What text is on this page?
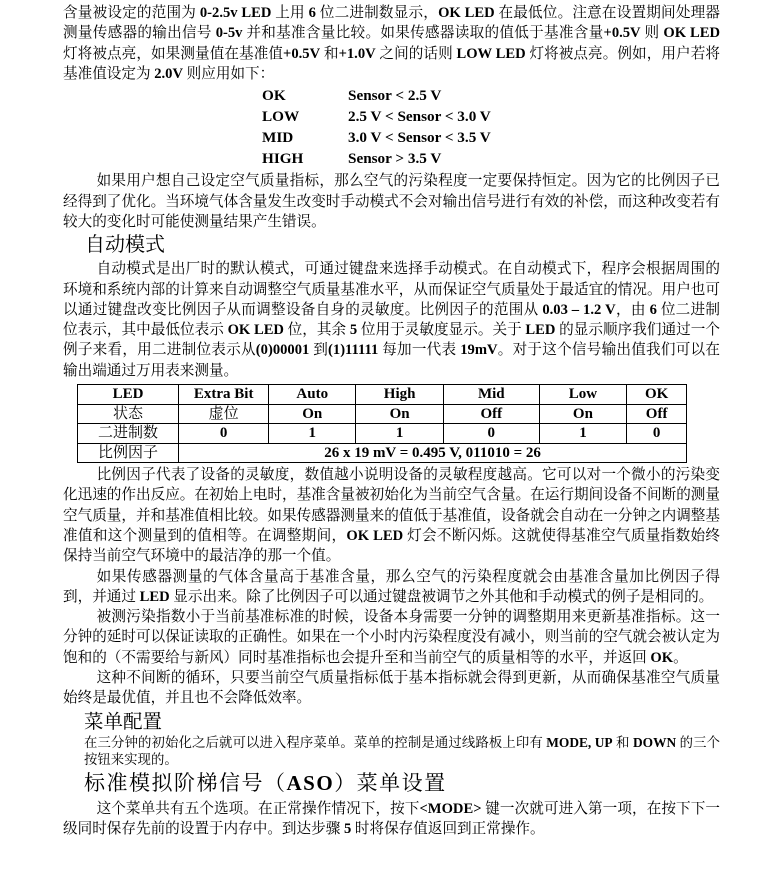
含量被设定的范围为 0-2.5v LED 上用 6 位二进制数显示，OK LED 在最低位。注意在设置期间处理器测量传感器的输出信号 0-5v 并和基准含量比较。如果传感器读取的值低于基准含量+0.5V 则 OK LED 灯将被点亮，如果测量值在基准值+0.5V 和+1.0V 之间的话则 LOW LED 灯将被点亮。例如，用户若将基准值设定为 2.0V 则应用如下：

OK	Sensor < 2.5 V
LOW	2.5 V < Sensor < 3.0 V
MID	3.0 V < Sensor < 3.5 V
HIGH	Sensor > 3.5 V

如果用户想自己设定空气质量指标，那么空气的污染程度一定要保持恒定。因为它的比例因子已经得到了优化。当环境气体含量发生改变时手动模式不会对输出信号进行有效的补偿，而这种改变若有较大的变化时可能使测量结果产生错误。

自动模式

自动模式是出厂时的默认模式，可通过键盘来选择手动模式。在自动模式下，程序会根据周围的环境和系统内部的计算来自动调整空气质量基准水平，从而保证空气质量处于最适宜的情况。用户也可以通过键盘改变比例因子从而调整设备自身的灵敏度。比例因子的范围从 0.03 – 1.2 V，由 6 位二进制位表示，其中最低位表示 OK LED 位，其余 5 位用于灵敏度显示。关于 LED 的显示顺序我们通过一个例子来看，用二进制位表示从(0)00001 到(1)11111 每加一代表 19mV。对于这个信号输出值我们可以在输出端通过万用表来测量。

LED	Extra Bit	Auto	High	Mid	Low	OK
状态	虚位	On	On	Off	On	Off
二进制数	0	1	1	0	1	0
比例因子	26 x 19 mV = 0.495 V, 011010 = 26					

比例因子代表了设备的灵敏度，数值越小说明设备的灵敏程度越高。它可以对一个微小的污染变化迅速的作出反应。在初始上电时，基准含量被初始化为当前空气含量。在运行期间设备不间断的测量空气质量，并和基准值相比较。如果传感器测量来的值低于基准值，设备就会自动在一分钟之内调整基准值和这个测量到的值相等。在调整期间，OK LED 灯会不断闪烁。这就使得基准空气质量指数始终保持当前空气环境中的最洁净的那一个值。

如果传感器测量的气体含量高于基准含量，那么空气的污染程度就会由基准含量加比例因子得到，并通过 LED 显示出来。除了比例因子可以通过键盘被调节之外其他和手动模式的例子是相同的。

被测污染指数小于当前基准标准的时候，设备本身需要一分钟的调整期用来更新基准指标。这一分钟的延时可以保证读取的正确性。如果在一个小时内污染程度没有减小，则当前的空气就会被认定为饱和的（不需要给与新风）同时基准指标也会提升至和当前空气的质量相等的水平，并返回 OK。

这种不间断的循环，只要当前空气质量指标低于基本指标就会得到更新，从而确保基准空气质量始终是最优值，并且也不会降低效率。

菜单配置

在三分钟的初始化之后就可以进入程序菜单。菜单的控制是通过线路板上印有 MODE, UP 和 DOWN 的三个按钮来实现的。

标准模拟阶梯信号（ASO）菜单设置

这个菜单共有五个选项。在正常操作情况下，按下<MODE> 键一次就可进入第一项，在按下下一级同时保存先前的设置于内存中。到达步骤 5 时将保存值返回到正常操作。
